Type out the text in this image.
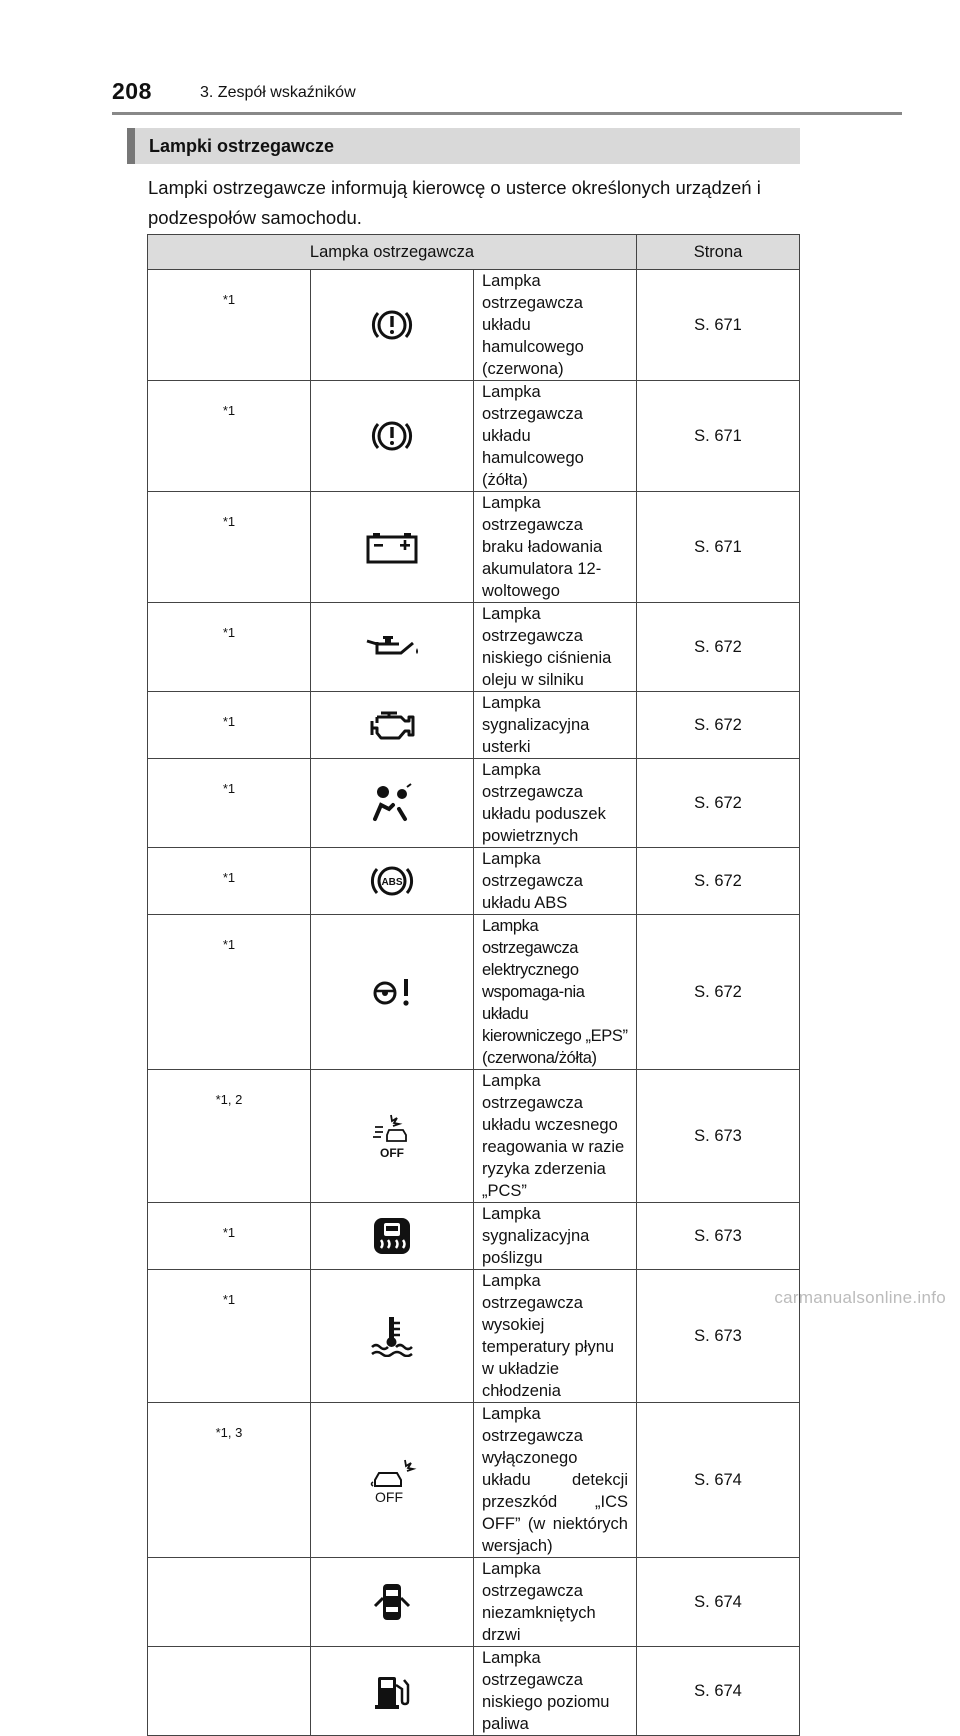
208	3. Zespół wskaźników
Lampki ostrzegawcze
Lampki ostrzegawcze informują kierowcę o usterce określonych urządzeń i podzespołów samochodu.
Lampka ostrzegawcza			Strona
*1		Lampka ostrzegawcza układu hamulcowego (czerwona)	S. 671
*1		Lampka ostrzegawcza układu hamulcowego (żółta)	S. 671
*1		Lampka ostrzegawcza braku ładowania akumulatora 12-woltowego	S. 671
*1		Lampka ostrzegawcza niskiego ciśnienia oleju w silniku	S. 672
*1		Lampka sygnalizacyjna usterki	S. 672
*1		Lampka ostrzegawcza układu poduszek powietrznych	S. 672
*1	ABS	Lampka ostrzegawcza układu ABS	S. 672
*1		Lampka ostrzegawcza elektrycznego wspomaga-nia układu kierowniczego „EPS” (czerwona/żółta)	S. 672
*1, 2	OFF	Lampka ostrzegawcza układu wczesnego reagowania w razie ryzyka zderzenia „PCS”	S. 673
*1		Lampka sygnalizacyjna poślizgu	S. 673
*1		Lampka ostrzegawcza wysokiej temperatury płynu w układzie chłodzenia	S. 673
*1, 3	OFF	Lampka ostrzegawcza wyłączonego układu detekcji przeszkód „ICS OFF” (w niektórych wersjach)	S. 674
		Lampka ostrzegawcza niezamkniętych drzwi	S. 674
		Lampka ostrzegawcza niskiego poziomu paliwa	S. 674
carmanualsonline.info
